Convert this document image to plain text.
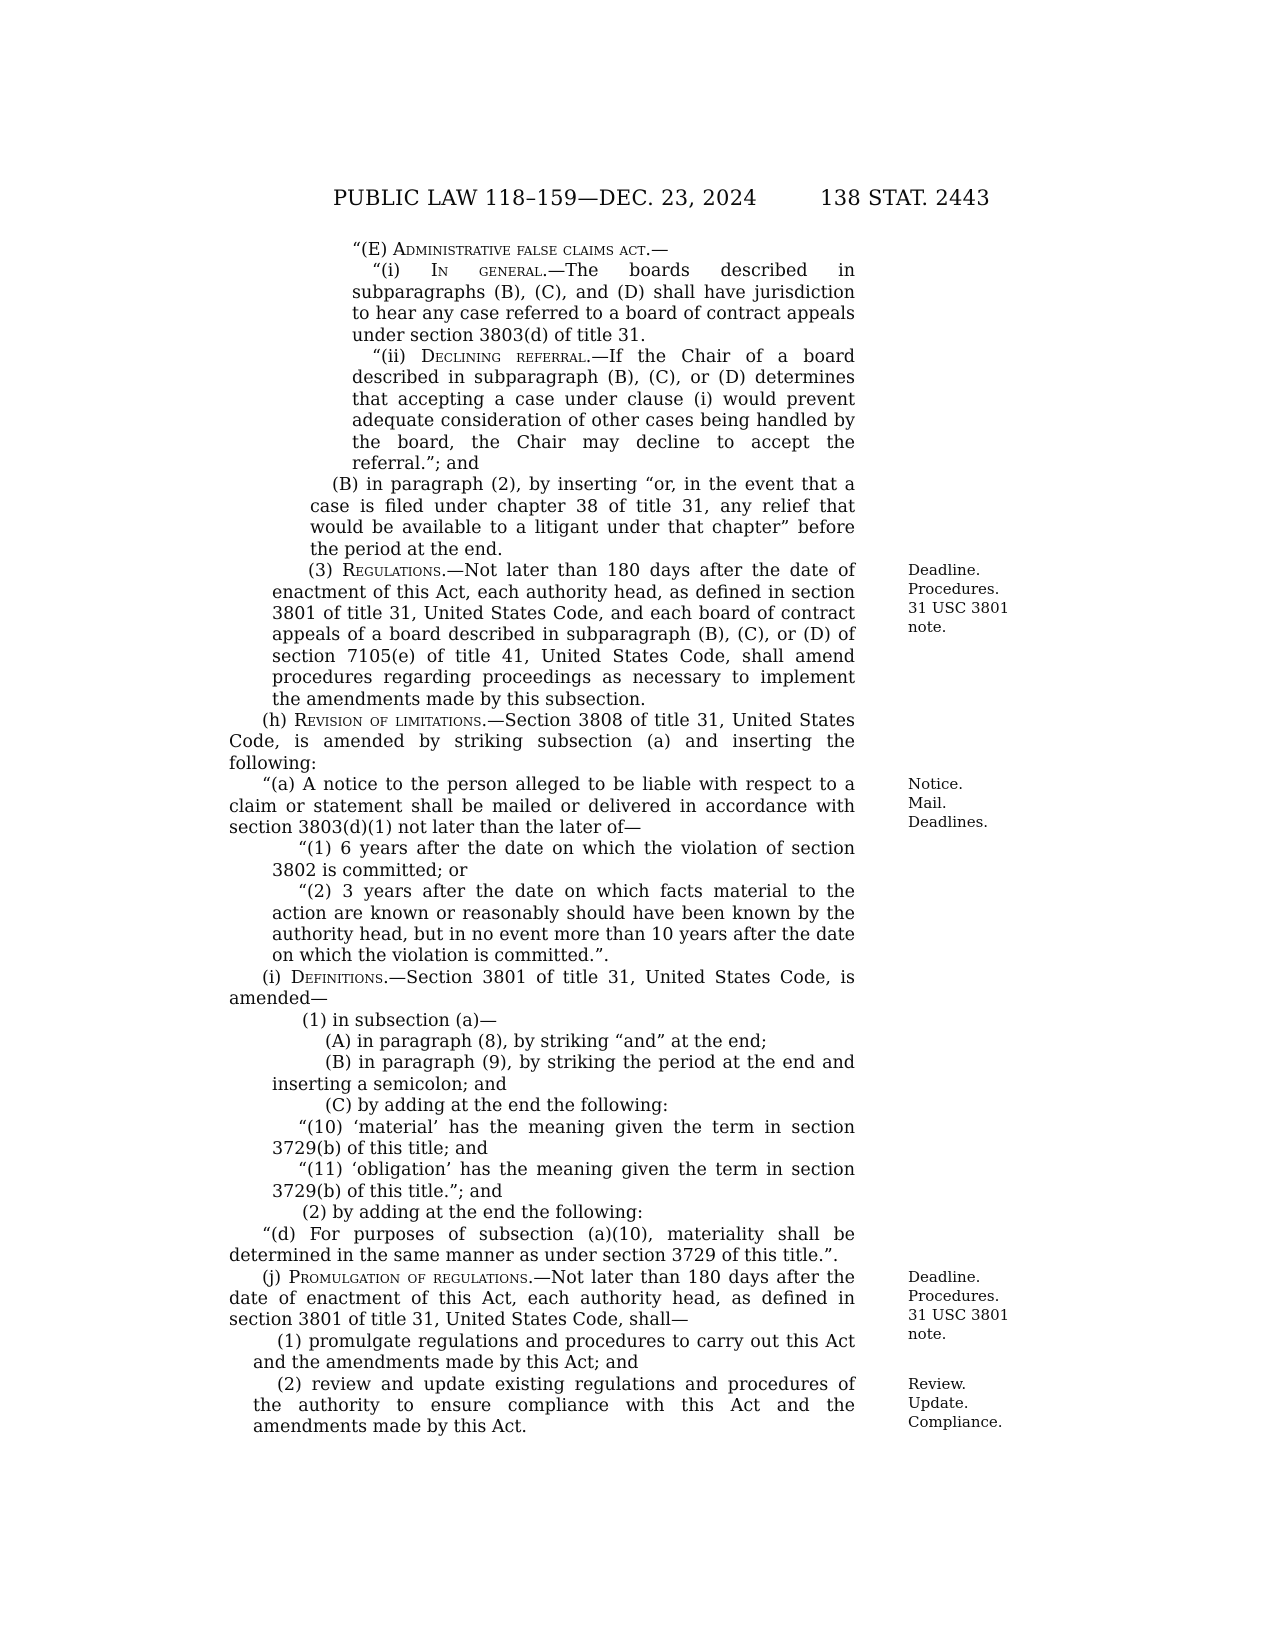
PUBLIC LAW 118–159—DEC. 23, 2024	138 STAT. 2443
“(E) Administrative false claims act.—
“(i) In general.—The boards described in subparagraphs (B), (C), and (D) shall have jurisdiction to hear any case referred to a board of contract appeals under section 3803(d) of title 31.
“(ii) Declining referral.—If the Chair of a board described in subparagraph (B), (C), or (D) determines that accepting a case under clause (i) would prevent adequate consideration of other cases being handled by the board, the Chair may decline to accept the referral.”; and
(B) in paragraph (2), by inserting “or, in the event that a case is filed under chapter 38 of title 31, any relief that would be available to a litigant under that chapter” before the period at the end.
(3) Regulations.—Not later than 180 days after the date of enactment of this Act, each authority head, as defined in section 3801 of title 31, United States Code, and each board of contract appeals of a board described in subparagraph (B), (C), or (D) of section 7105(e) of title 41, United States Code, shall amend procedures regarding proceedings as necessary to implement the amendments made by this subsection.
(h) Revision of limitations.—Section 3808 of title 31, United States Code, is amended by striking subsection (a) and inserting the following:
“(a) A notice to the person alleged to be liable with respect to a claim or statement shall be mailed or delivered in accordance with section 3803(d)(1) not later than the later of—
“(1) 6 years after the date on which the violation of section 3802 is committed; or
“(2) 3 years after the date on which facts material to the action are known or reasonably should have been known by the authority head, but in no event more than 10 years after the date on which the violation is committed.”.
(i) Definitions.—Section 3801 of title 31, United States Code, is amended—
(1) in subsection (a)—
(A) in paragraph (8), by striking “and” at the end;
(B) in paragraph (9), by striking the period at the end and inserting a semicolon; and
(C) by adding at the end the following:
“(10) ‘material’ has the meaning given the term in section 3729(b) of this title; and
“(11) ‘obligation’ has the meaning given the term in section 3729(b) of this title.”; and
(2) by adding at the end the following:
“(d) For purposes of subsection (a)(10), materiality shall be determined in the same manner as under section 3729 of this title.”.
(j) Promulgation of regulations.—Not later than 180 days after the date of enactment of this Act, each authority head, as defined in section 3801 of title 31, United States Code, shall—
(1) promulgate regulations and procedures to carry out this Act and the amendments made by this Act; and
(2) review and update existing regulations and procedures of the authority to ensure compliance with this Act and the amendments made by this Act.
Deadline.
Procedures.
31 USC 3801
note.
Notice.
Mail.
Deadlines.
Deadline.
Procedures.
31 USC 3801
note.
Review.
Update.
Compliance.
